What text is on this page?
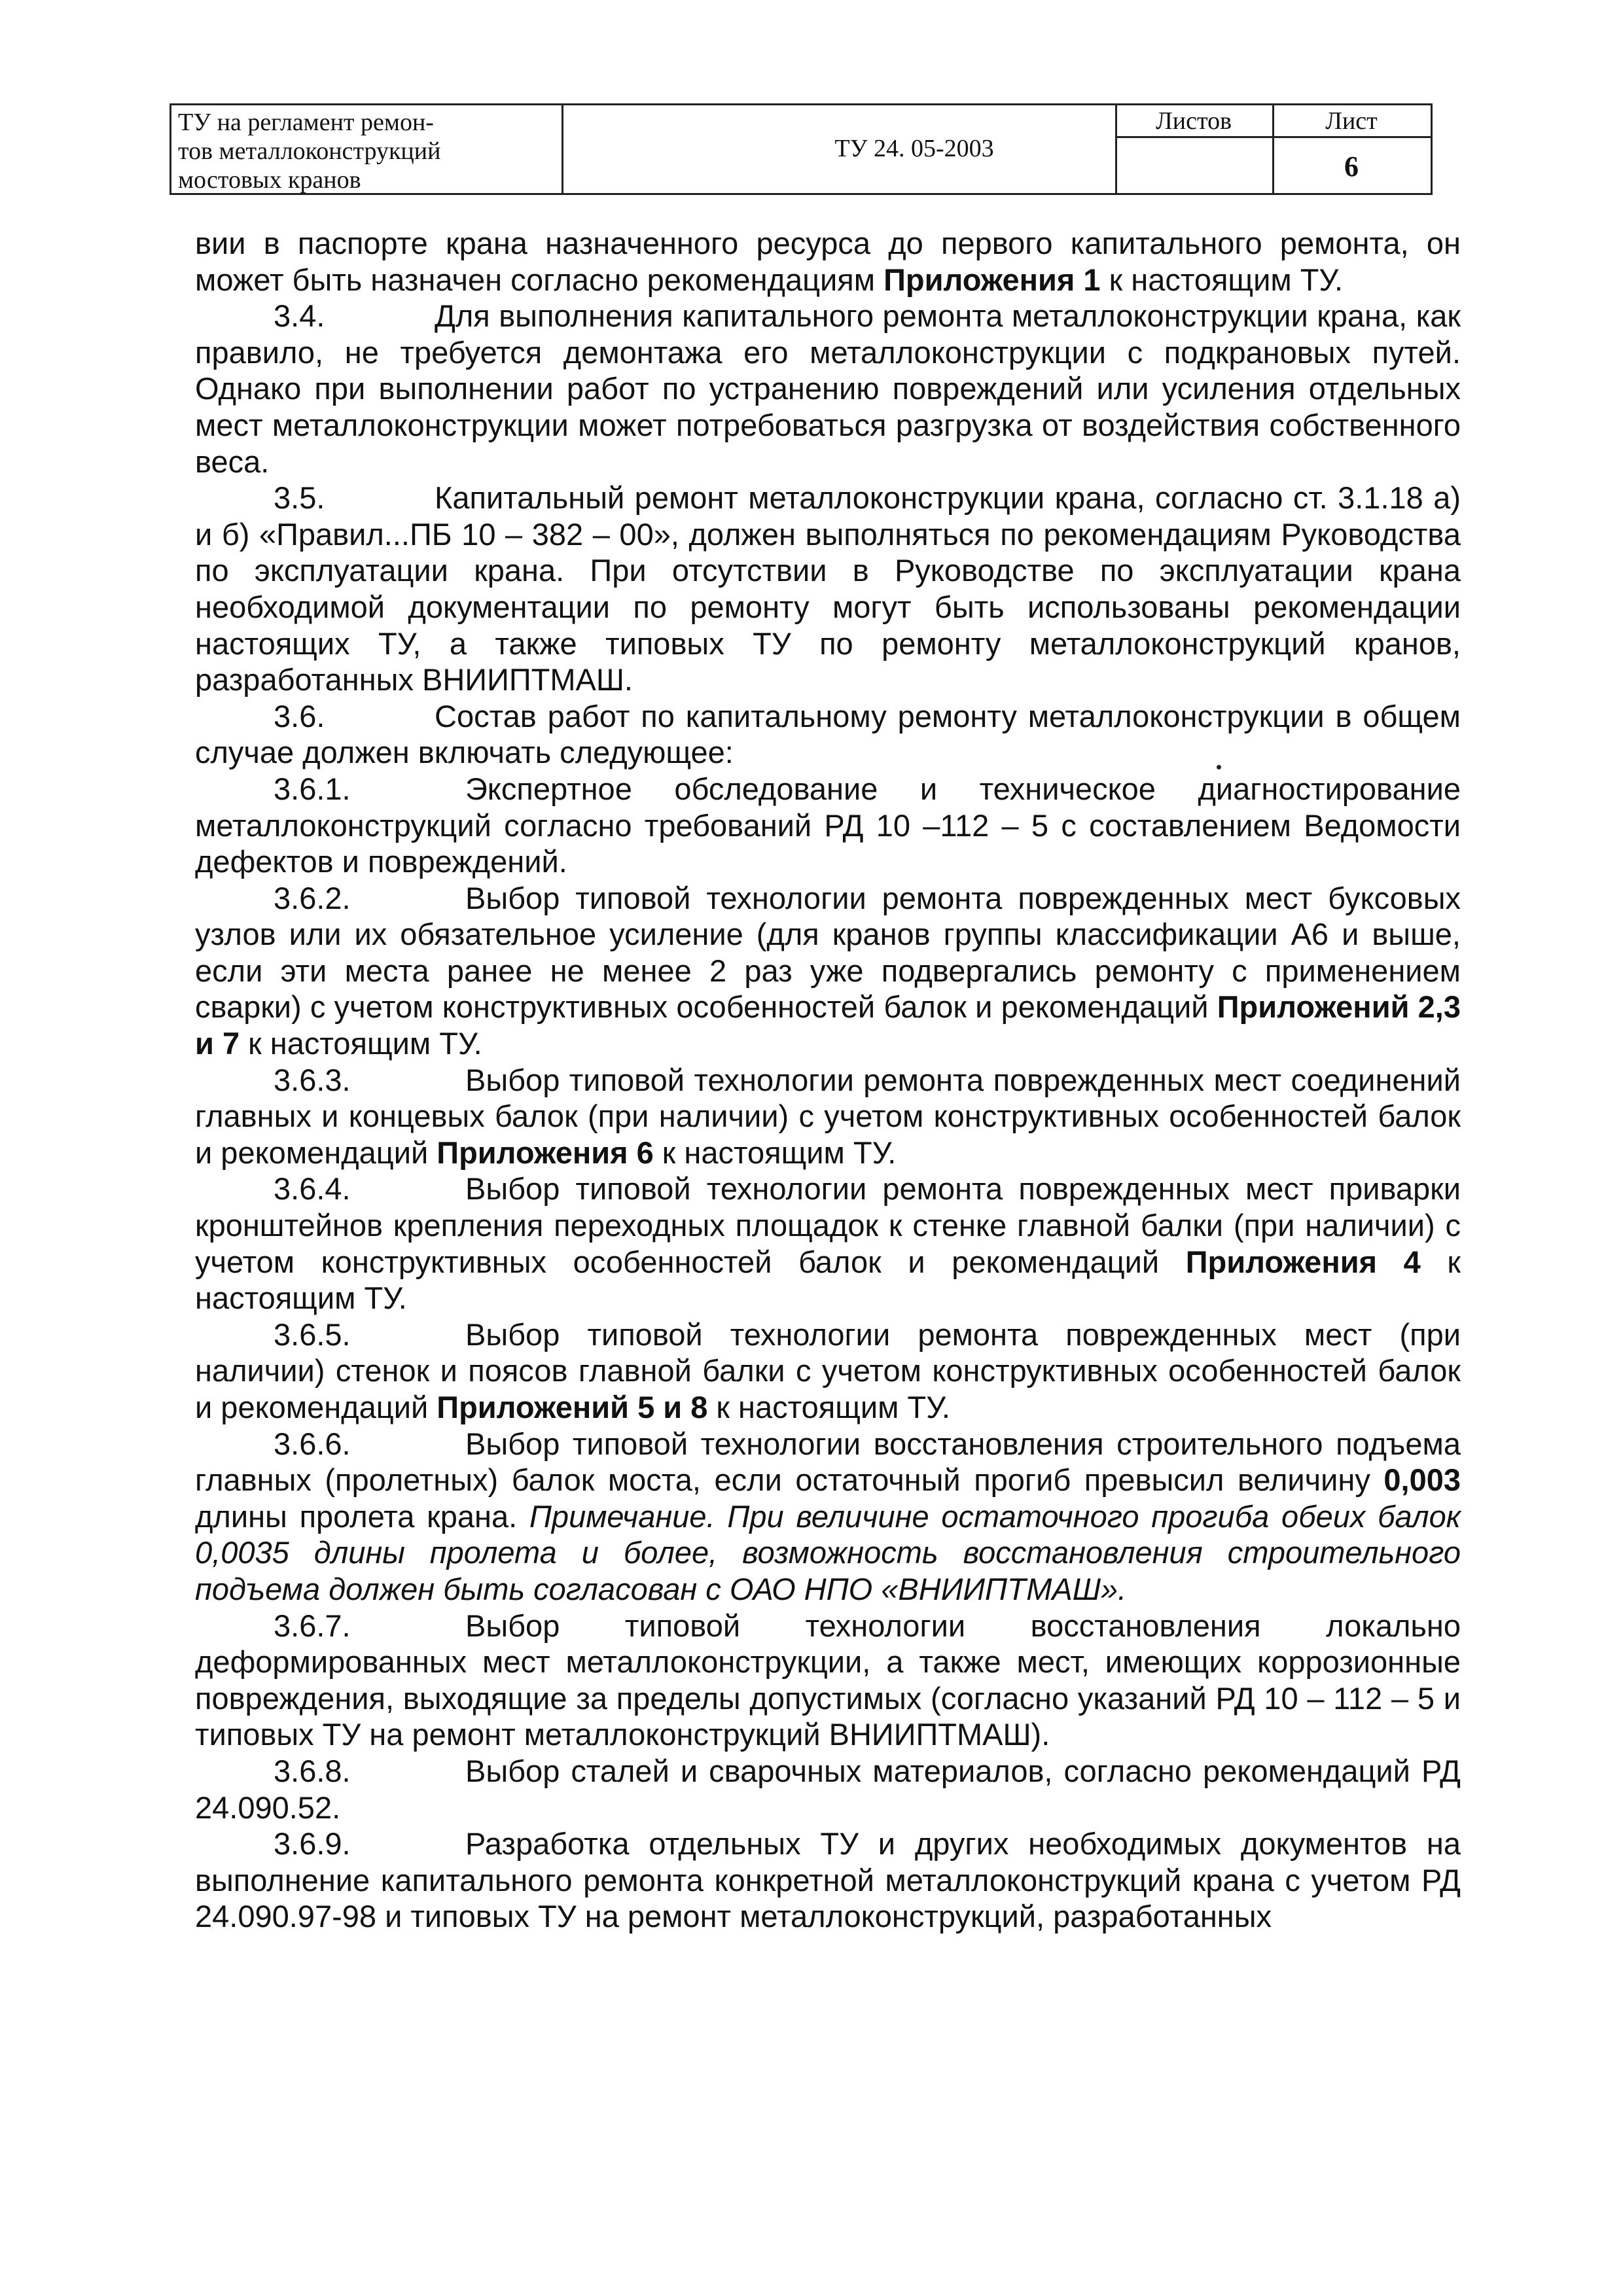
ТУ на регламент ремон-
тов металлоконструкций
мостовых кранов
ТУ 24. 05-2003
Листов	Лист
6

вии в паспорте крана назначенного ресурса до первого капитального ремонта, он может быть назначен согласно рекомендациям Приложения 1 к настоящим ТУ.

3.4.	Для выполнения капитального ремонта металлоконструкции крана, как правило, не требуется демонтажа его металлоконструкции с подкрановых путей. Однако при выполнении работ по устранению повреждений или усиления отдельных мест металлоконструкции может потребоваться разгрузка от воздействия собственного веса.

3.5.	Капитальный ремонт металлоконструкции крана, согласно ст. 3.1.18 а) и б) «Правил...ПБ 10 – 382 – 00», должен выполняться по рекомендациям Руководства по эксплуатации крана. При отсутствии в Руководстве по эксплуатации крана необходимой документации по ремонту могут быть использованы рекомендации настоящих ТУ, а также типовых ТУ по ремонту металлоконструкций кранов, разработанных ВНИИПТМАШ.

3.6.	Состав работ по капитальному ремонту металлоконструкции в общем случае должен включать следующее:

3.6.1.	Экспертное обследование и техническое диагностирование металлоконструкций согласно требований РД 10 –112 – 5 с составлением Ведомости дефектов и повреждений.

3.6.2.	Выбор типовой технологии ремонта поврежденных мест буксовых узлов или их обязательное усиление (для кранов группы классификации А6 и выше, если эти места ранее не менее 2 раз уже подвергались ремонту с применением сварки) с учетом конструктивных особенностей балок и рекомендаций Приложений 2,3 и 7 к настоящим ТУ.

3.6.3.	Выбор типовой технологии ремонта поврежденных мест соединений главных и концевых балок (при наличии) с учетом конструктивных особенностей балок и рекомендаций Приложения 6 к настоящим ТУ.

3.6.4.	Выбор типовой технологии ремонта поврежденных мест приварки кронштейнов крепления переходных площадок к стенке главной балки (при наличии) с учетом конструктивных особенностей балок и рекомендаций Приложения 4 к настоящим ТУ.

3.6.5.	Выбор типовой технологии ремонта поврежденных мест (при наличии) стенок и поясов главной балки с учетом конструктивных особенностей балок и рекомендаций Приложений 5 и 8 к настоящим ТУ.

3.6.6.	Выбор типовой технологии восстановления строительного подъема главных (пролетных) балок моста, если остаточный прогиб превысил величину 0,003 длины пролета крана. Примечание. При величине остаточного прогиба обеих балок 0,0035 длины пролета и более, возможность восстановления строительного подъема должен быть согласован с ОАО НПО «ВНИИПТМАШ».

3.6.7.	Выбор типовой технологии восстановления локально деформированных мест металлоконструкции, а также мест, имеющих коррозионные повреждения, выходящие за пределы допустимых (согласно указаний РД 10 – 112 – 5 и типовых ТУ на ремонт металлоконструкций ВНИИПТМАШ).

3.6.8.	Выбор сталей и сварочных материалов, согласно рекомендаций РД 24.090.52.

3.6.9.	Разработка отдельных ТУ и других необходимых документов на выполнение капитального ремонта конкретной металлоконструкций крана с учетом РД 24.090.97-98 и типовых ТУ на ремонт металлоконструкций, разработанных
